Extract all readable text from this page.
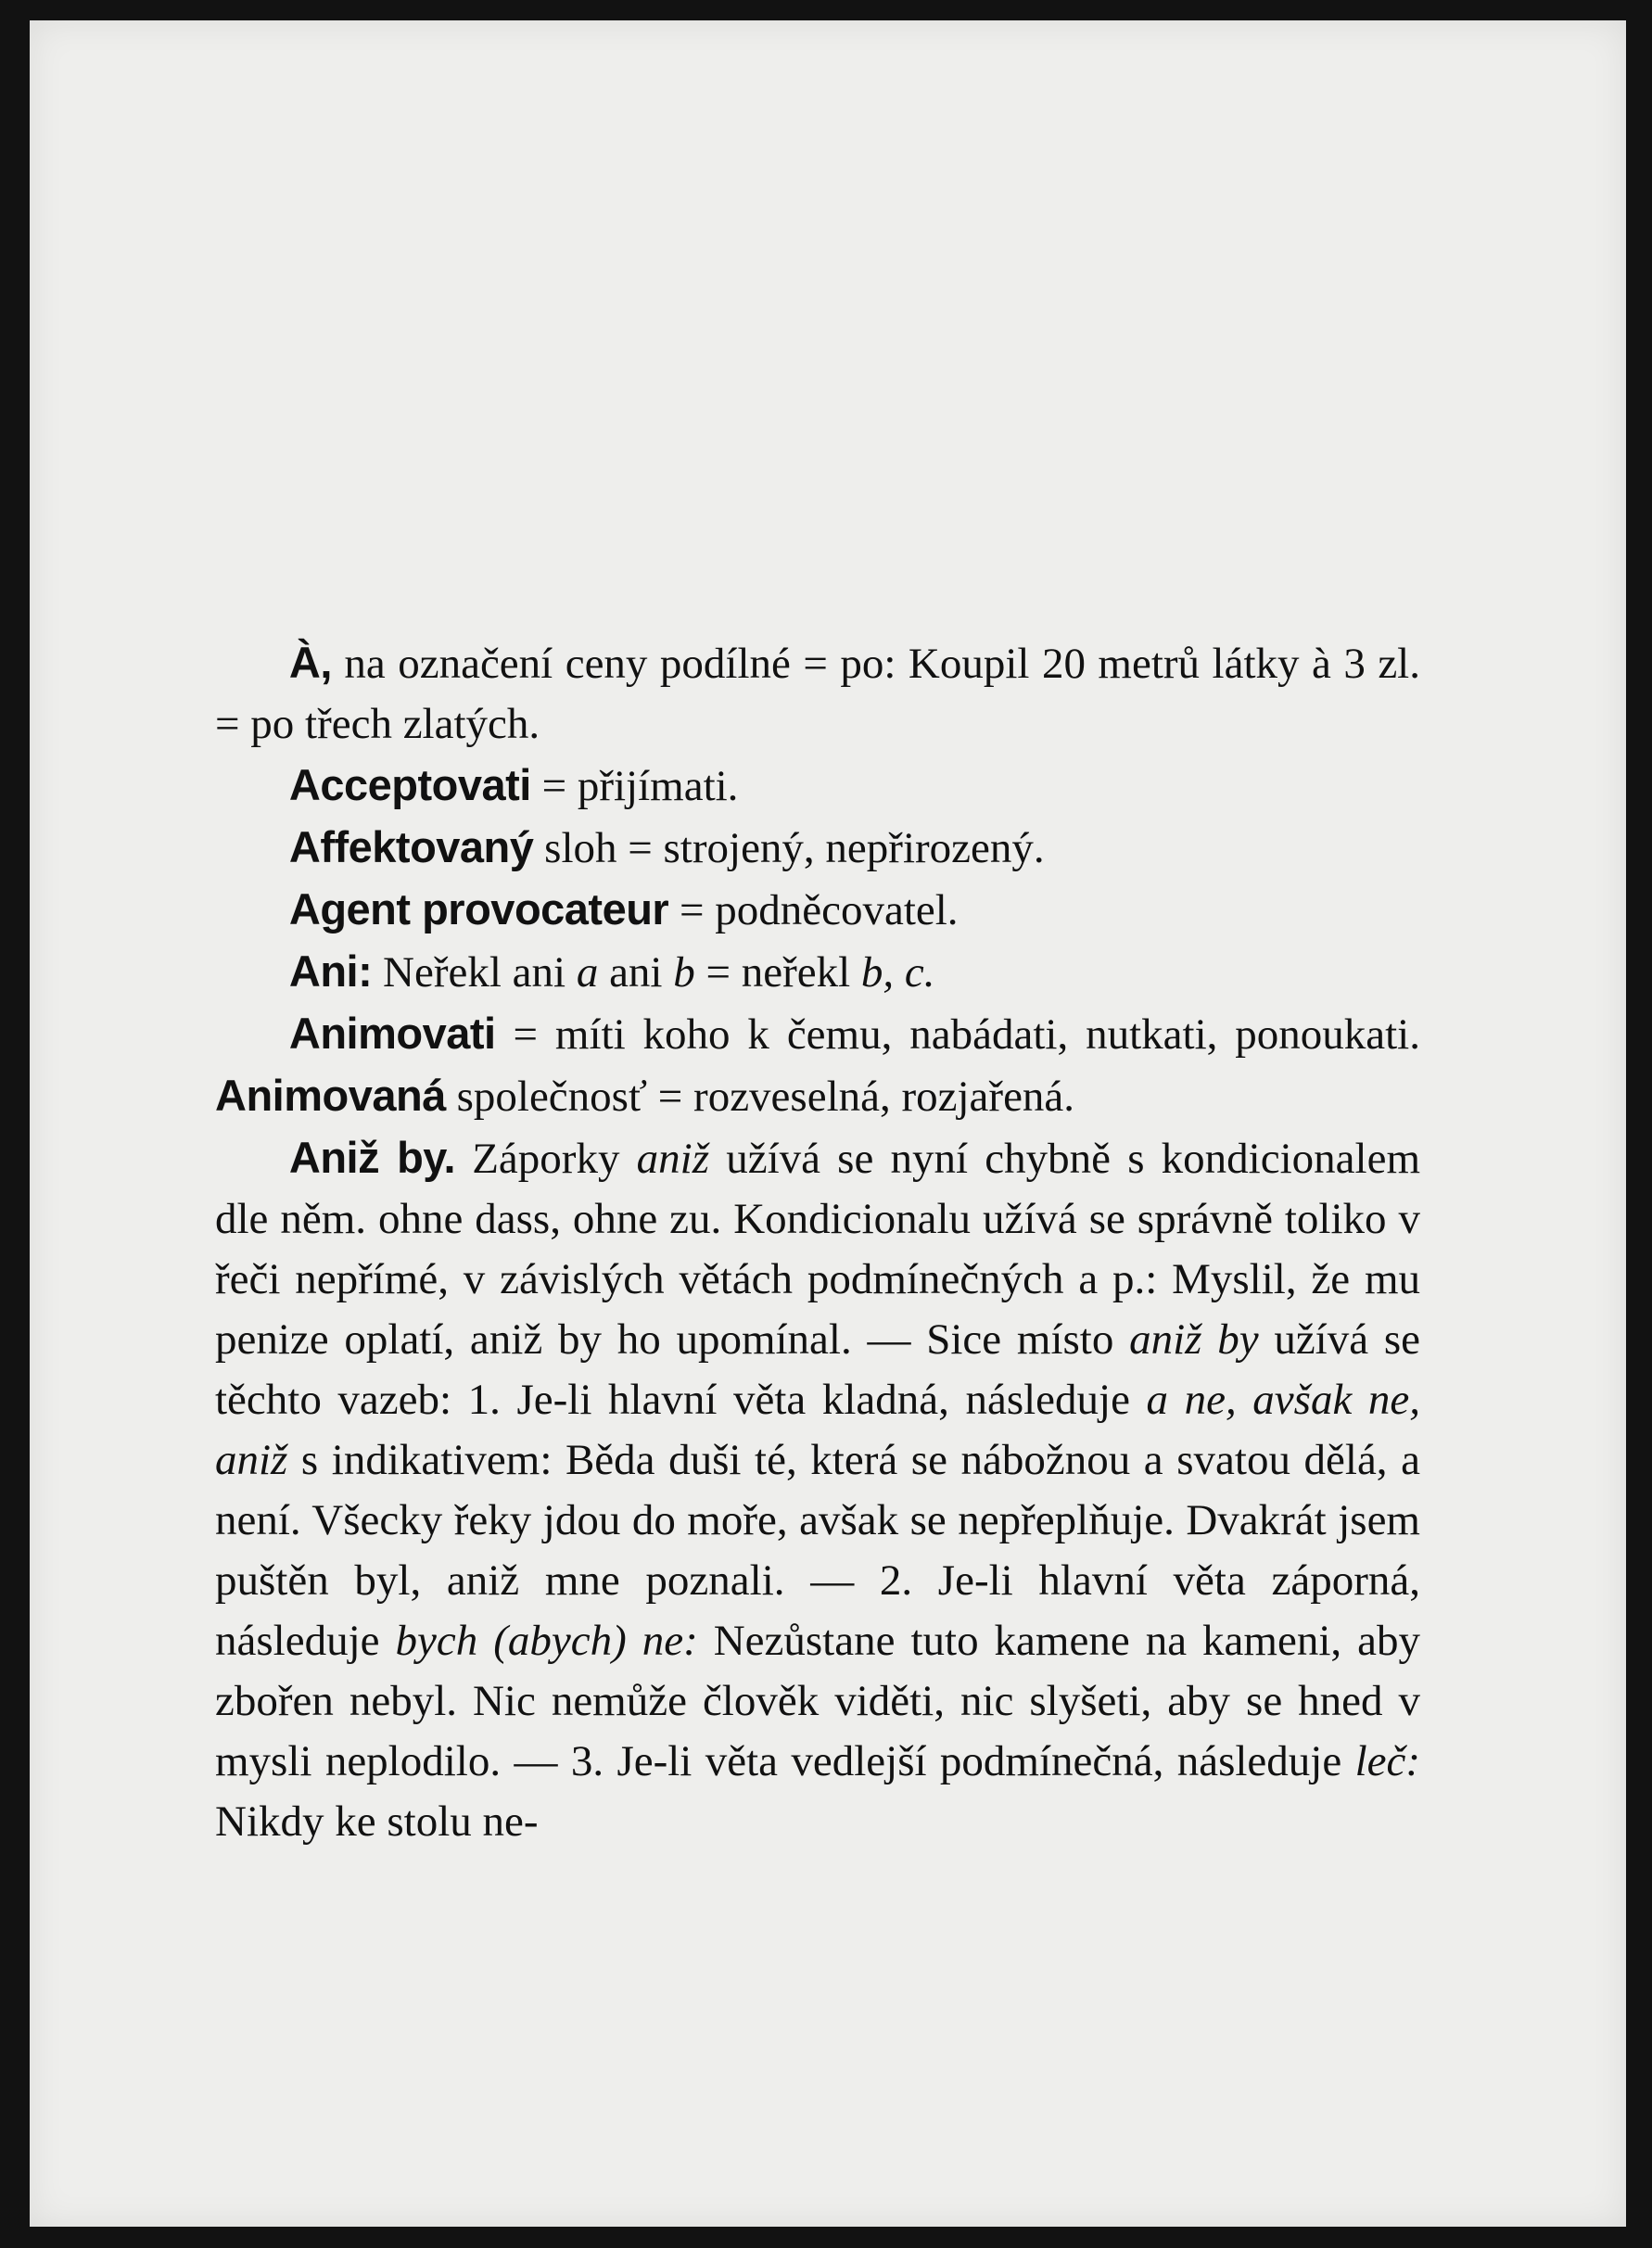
À, na označení ceny podílné = po: Koupil 20 metrů látky à 3 zl. = po třech zlatých.

Acceptovati = přijímati.

Affektovaný sloh = strojený, nepřirozený.

Agent provocateur = podněcovatel.

Ani: Neřekl ani a ani b = neřekl b, c.

Animovati = míti koho k čemu, nabádati, nutkati, ponoukati. Animovaná společnosť = rozveselná, rozjařená.

Aniž by. Záporky aniž užívá se nyní chybně s kondicionalem dle něm. ohne dass, ohne zu. Kondicionalu užívá se správně toliko v řeči nepřímé, v závislých větách podmínečných a p.: Myslil, že mu penize oplatí, aniž by ho upomínal. — Sice místo aniž by užívá se těchto vazeb: 1. Je-li hlavní věta kladná, následuje a ne, avšak ne, aniž s indikativem: Běda duši té, která se nábožnou a svatou dělá, a není. Všecky řeky jdou do moře, avšak se nepřeplňuje. Dvakrát jsem puštěn byl, aniž mne poznali. — 2. Je-li hlavní věta záporná, následuje bych (abych) ne: Nezůstane tuto kamene na kameni, aby zbořen nebyl. Nic nemůže člověk viděti, nic slyšeti, aby se hned v mysli neplodilo. — 3. Je-li věta vedlejší podmínečná, následuje leč: Nikdy ke stolu ne-
